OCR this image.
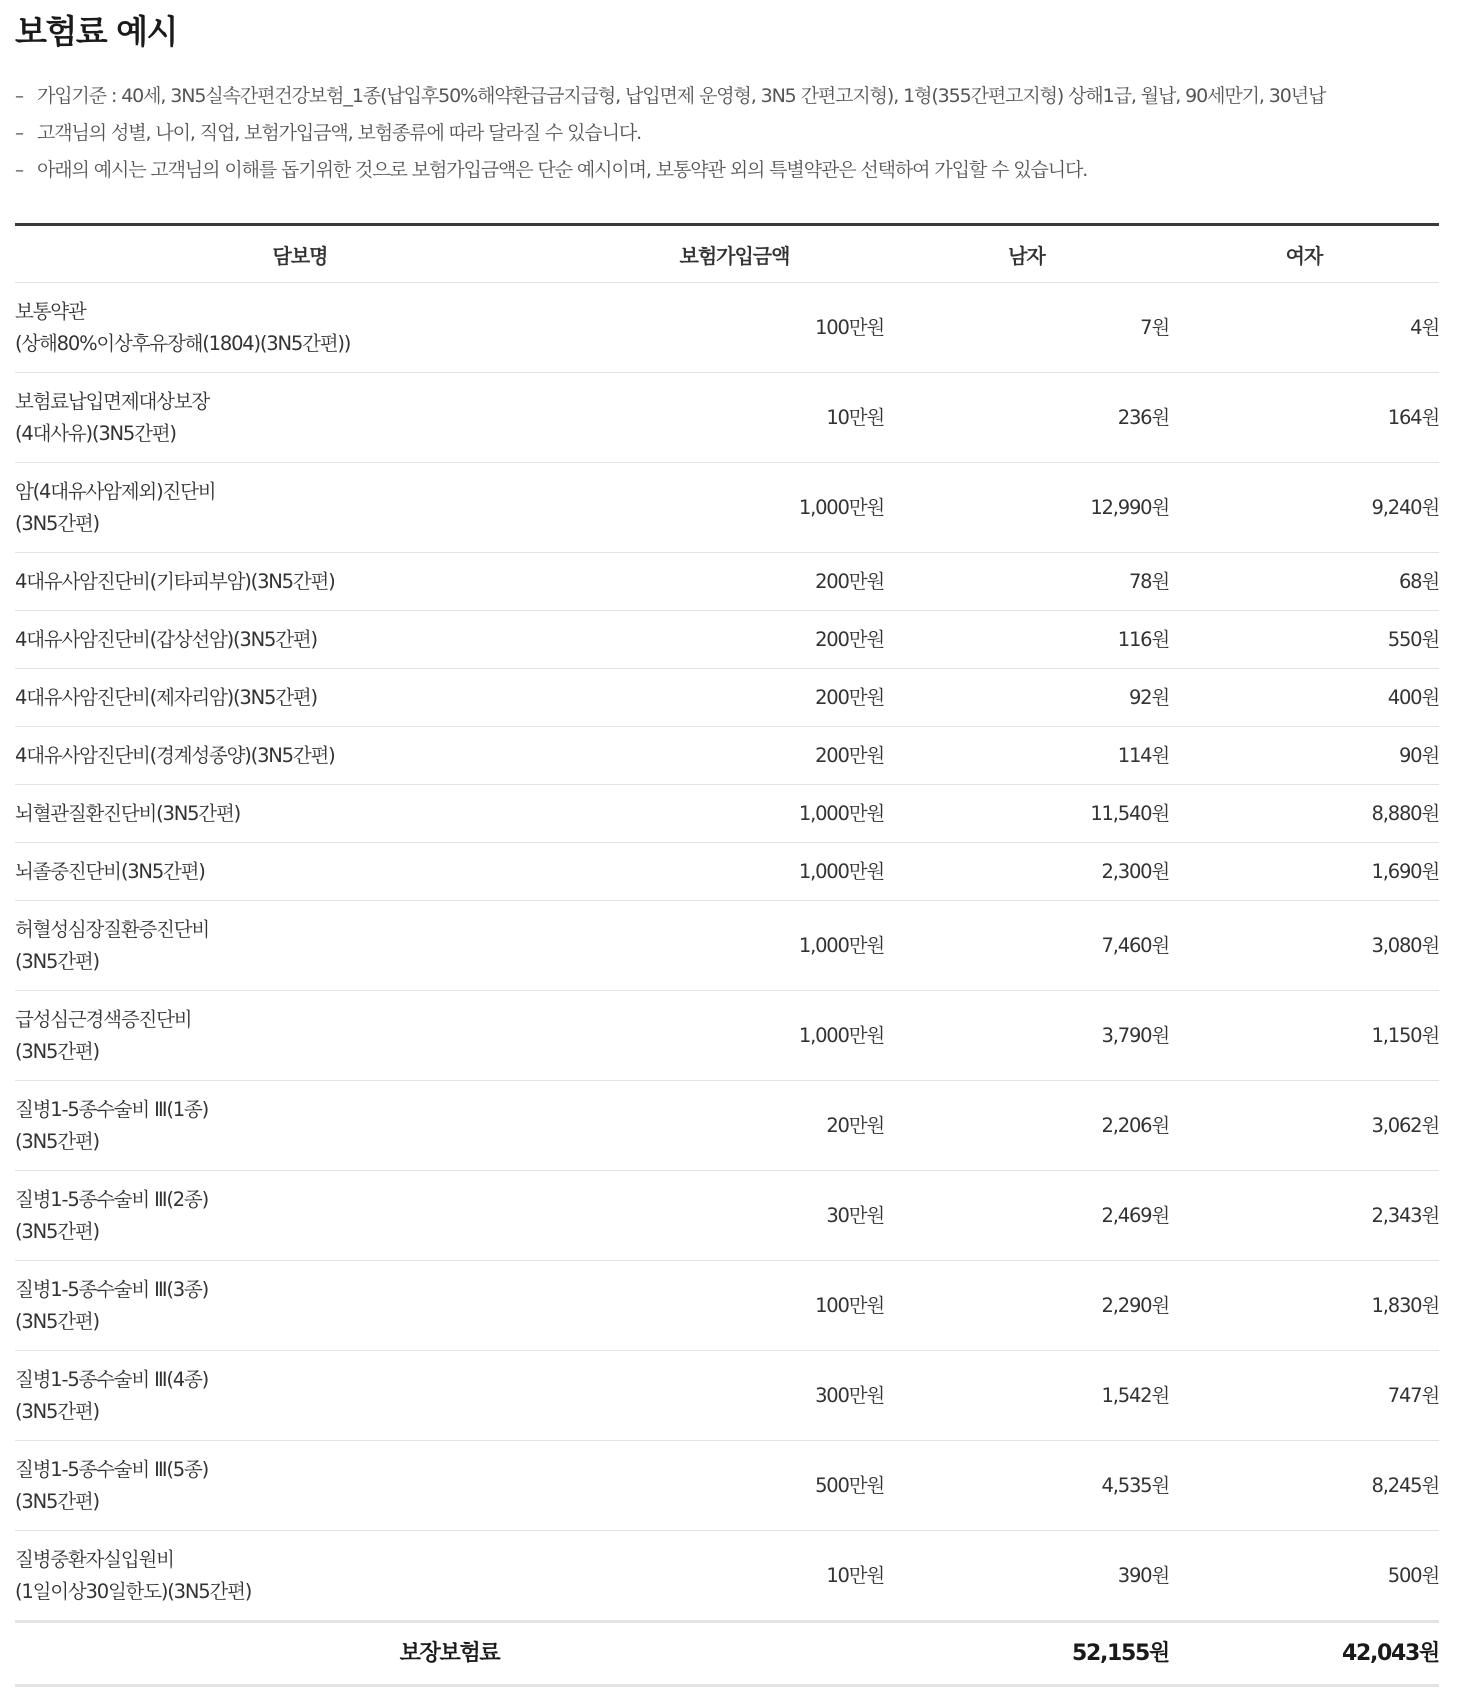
보험료 예시
– 가입기준 : 40세, 3N5실속간편건강보험_1종(납입후50%해약환급금지급형, 납입면제 운영형, 3N5 간편고지형), 1형(355간편고지형) 상해1급, 월납, 90세만기, 30년납
– 고객님의 성별, 나이, 직업, 보험가입금액, 보험종류에 따라 달라질 수 있습니다.
– 아래의 예시는 고객님의 이해를 돕기위한 것으로 보험가입금액은 단순 예시이며, 보통약관 외의 특별약관은 선택하여 가입할 수 있습니다.
담보명	보험가입금액	남자	여자

보통약관
(상해80%이상후유장해(1804)(3N5간편))	100만원	7원	4원

보험료납입면제대상보장
(4대사유)(3N5간편)	10만원	236원	164원

암(4대유사암제외)진단비
(3N5간편)	1,000만원	12,990원	9,240원

4대유사암진단비(기타피부암)(3N5간편)	200만원	78원	68원

4대유사암진단비(갑상선암)(3N5간편)	200만원	116원	550원

4대유사암진단비(제자리암)(3N5간편)	200만원	92원	400원

4대유사암진단비(경계성종양)(3N5간편)	200만원	114원	90원

뇌혈관질환진단비(3N5간편)	1,000만원	11,540원	8,880원

뇌졸중진단비(3N5간편)	1,000만원	2,300원	1,690원

허혈성심장질환증진단비
(3N5간편)	1,000만원	7,460원	3,080원

급성심근경색증진단비
(3N5간편)	1,000만원	3,790원	1,150원

질병1-5종수술비 Ⅲ(1종)
(3N5간편)	20만원	2,206원	3,062원

질병1-5종수술비 Ⅲ(2종)
(3N5간편)	30만원	2,469원	2,343원

질병1-5종수술비 Ⅲ(3종)
(3N5간편)	100만원	2,290원	1,830원

질병1-5종수술비 Ⅲ(4종)
(3N5간편)	300만원	1,542원	747원

질병1-5종수술비 Ⅲ(5종)
(3N5간편)	500만원	4,535원	8,245원

질병중환자실입원비
(1일이상30일한도)(3N5간편)	10만원	390원	500원
보장보험료		52,155원	42,043원
